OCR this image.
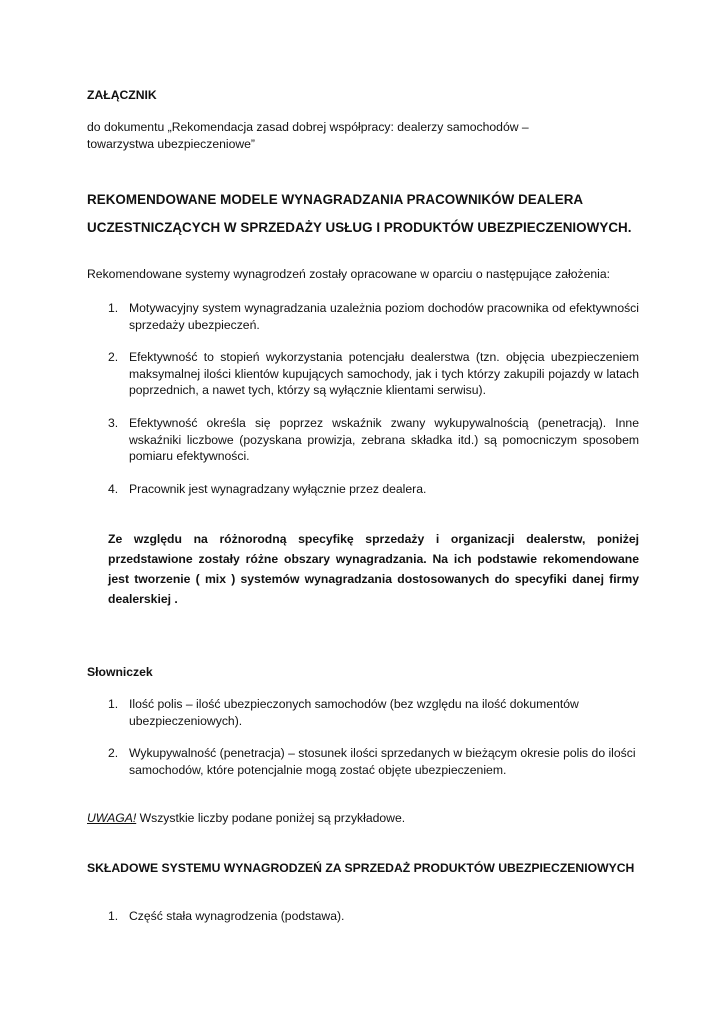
ZAŁĄCZNIK
do dokumentu „Rekomendacja zasad dobrej współpracy: dealerzy samochodów – towarzystwa ubezpieczeniowe”
REKOMENDOWANE MODELE WYNAGRADZANIA PRACOWNIKÓW DEALERA
UCZESTNICZĄCYCH W SPRZEDAŻY USŁUG I PRODUKTÓW UBEZPIECZENIOWYCH.
Rekomendowane systemy wynagrodzeń zostały opracowane w oparciu o następujące założenia:
1. Motywacyjny system wynagradzania uzależnia poziom dochodów pracownika od efektywności sprzedaży ubezpieczeń.
2. Efektywność to stopień wykorzystania potencjału dealerstwa (tzn. objęcia ubezpieczeniem maksymalnej ilości klientów kupujących samochody, jak i tych którzy zakupili pojazdy w latach poprzednich, a nawet tych, którzy są wyłącznie klientami serwisu).
3. Efektywność określa się poprzez wskaźnik zwany wykupywalnością (penetracją). Inne wskaźniki liczbowe (pozyskana prowizja, zebrana składka itd.) są pomocniczym sposobem pomiaru efektywności.
4. Pracownik jest wynagradzany wyłącznie przez dealera.
Ze względu na różnorodną specyfikę sprzedaży i organizacji dealerstw, poniżej przedstawione zostały różne obszary wynagradzania. Na ich podstawie rekomendowane jest tworzenie ( mix ) systemów wynagradzania dostosowanych do specyfiki danej firmy dealerskiej .
Słowniczek
1. Ilość polis – ilość ubezpieczonych samochodów (bez względu na ilość dokumentów ubezpieczeniowych).
2. Wykupywalność (penetracja) – stosunek ilości sprzedanych w bieżącym okresie polis do ilości samochodów, które potencjalnie mogą zostać objęte ubezpieczeniem.
UWAGA! Wszystkie liczby podane poniżej są przykładowe.
SKŁADOWE SYSTEMU WYNAGRODZEŃ ZA SPRZEDAŻ PRODUKTÓW UBEZPIECZENIOWYCH
1. Część stała wynagrodzenia (podstawa).
